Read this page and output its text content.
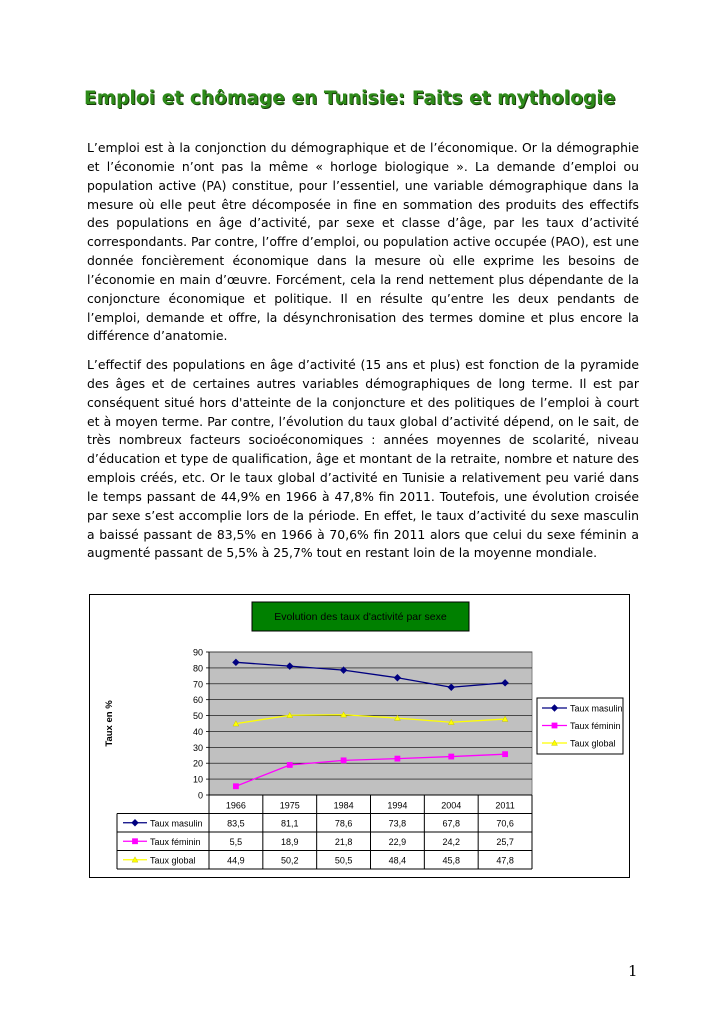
Emploi et chômage en Tunisie: Faits et mythologie

L’emploi est à la conjonction du démographique et de l’économique. Or la démographie et l’économie n’ont pas la même « horloge biologique ». La demande d’emploi ou population active (PA) constitue, pour l’essentiel, une variable démographique dans la mesure où elle peut être décomposée in fine en sommation des produits des effectifs des populations en âge d’activité, par sexe et classe d’âge, par les taux d’activité correspondants. Par contre, l’offre d’emploi, ou population active occupée (PAO), est une donnée foncièrement économique dans la mesure où elle exprime les besoins de l’économie en main d’œuvre. Forcément, cela la rend nettement plus dépendante de la conjoncture économique et politique. Il en résulte qu’entre les deux pendants de l’emploi, demande et offre, la désynchronisation des termes domine et plus encore la différence d’anatomie.

L’effectif des populations en âge d’activité (15 ans et plus) est fonction de la pyramide des âges et de certaines autres variables démographiques de long terme. Il est par conséquent situé hors d'atteinte de la conjoncture et des politiques de l’emploi à court et à moyen terme. Par contre, l’évolution du taux global d’activité dépend, on le sait, de très nombreux facteurs socioéconomiques : années moyennes de scolarité, niveau d’éducation et type de qualification, âge et montant de la retraite, nombre et nature des emplois créés, etc. Or le taux global d’activité en Tunisie a relativement peu varié dans le temps passant de 44,9% en 1966 à 47,8% fin 2011. Toutefois, une évolution croisée par sexe s’est accomplie lors de la période. En effet, le taux d’activité du sexe masculin a baissé passant de 83,5% en 1966 à 70,6% fin 2011 alors que celui du sexe féminin a augmenté passant de 5,5% à 25,7% tout en restant loin de la moyenne mondiale.

Evolution des taux d'activité par sexe
0
10
20
30
40
50
60
70
80
90
Taux en %
1966	1975	1984	1994	2004	2011
Taux masulin	83,5	81,1	78,6	73,8	67,8	70,6
Taux féminin	5,5	18,9	21,8	22,9	24,2	25,7
Taux global	44,9	50,2	50,5	48,4	45,8	47,8
Taux masulin
Taux féminin
Taux global
1
